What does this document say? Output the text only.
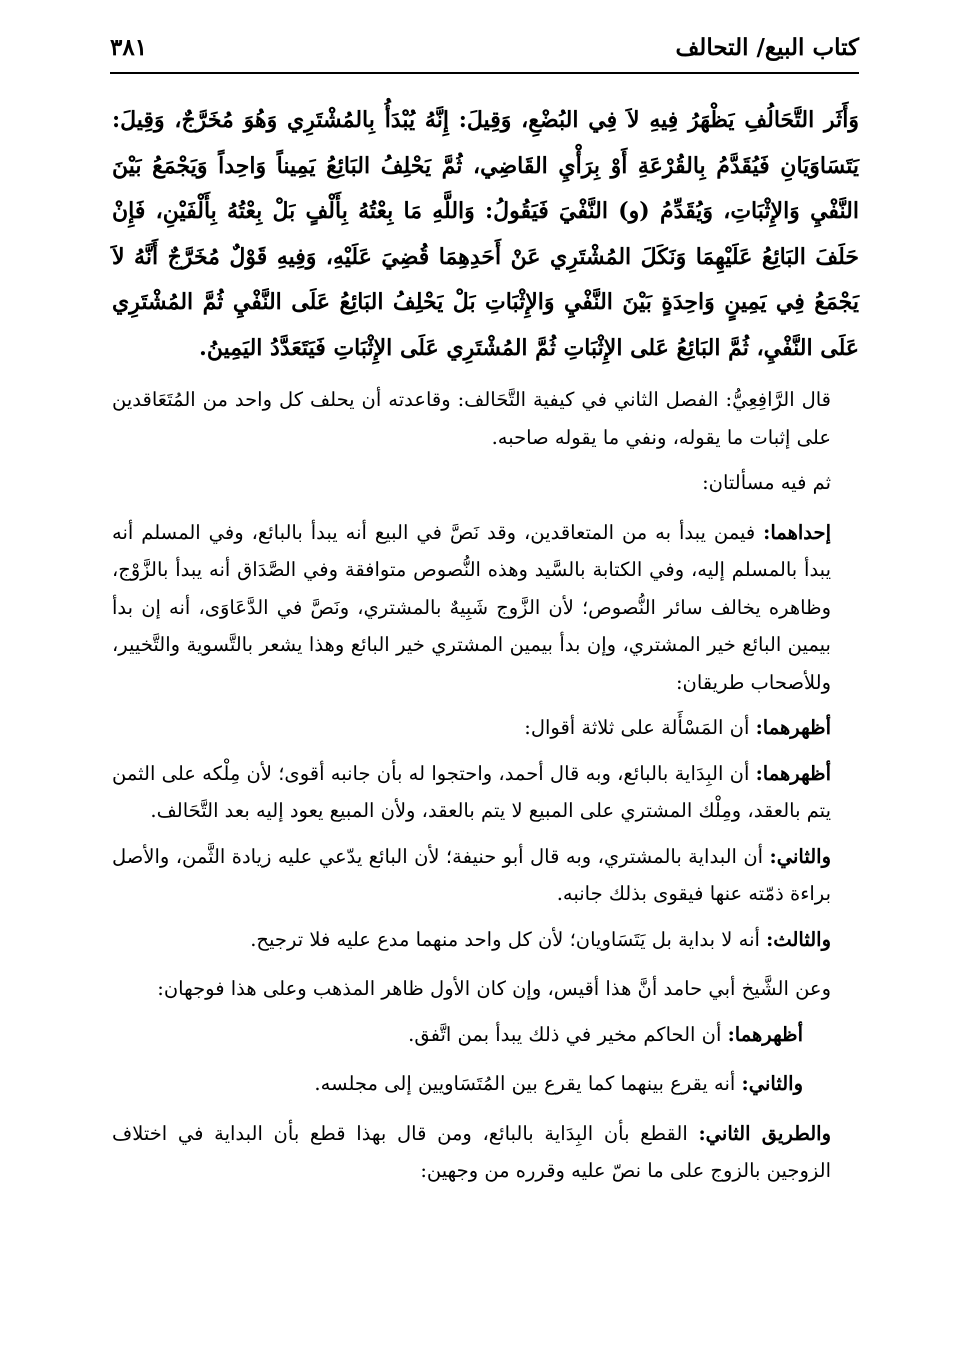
كتاب البيع/ التحالف
٣٨١

وَأَثَر التَّحَالُفِ يَظْهَرُ فِيهِ لاَ فِي البُضْعِ، وَقِيلَ: إِنَّهُ يُبْدَأُ بِالمُشْتَرِي وَهُوَ مُخَرَّجٌ، وَقِيلَ: يَتَسَاوَيَانِ فَيُقَدَّمُ بِالقُرْعَةِ أَوْ بِرَأْيِ القَاضِي، ثُمَّ يَحْلِفُ البَائِعُ يَمِيناً وَاحِداً وَيَجْمَعُ بَيْنَ النَّفْيِ وَالإِثْبَاتِ، وَيُقَدِّمُ (و) النَّفْيَ فَيَقُولُ: وَاللَّهِ مَا بِعْتُهُ بِأَلْفٍ بَلْ بِعْتُهُ بِأَلْفَيْنِ، فَإِنْ حَلَفَ البَائِعُ عَلَيْهِمَا وَنَكَلَ المُشْتَرِي عَنْ أَحَدِهِمَا قُضِيَ عَلَيْهِ، وَفِيهِ قَوْلٌ مُخَرَّجٌ أَنَّهُ لاَ يَجْمَعُ فِي يَمِينٍ وَاحِدَةٍ بَيْنَ النَّفْيِ وَالإِثْبَاتِ بَلْ يَحْلِفُ البَائِعُ عَلَى النَّفْيِ ثُمَّ المُشْتَرِي عَلَى النَّفْيِ، ثُمَّ البَائِعُ عَلى الإِثْبَاتِ ثُمَّ المُشْتَرِي عَلَى الإِثْبَاتِ فَيَتَعَدَّدُ اليَمِينُ.

قال الرَّافِعِيُّ: الفصل الثاني في كيفية التَّحَالف: وقاعدته أن يحلف كل واحد من المُتَعَاقدين على إثبات ما يقوله، ونفي ما يقوله صاحبه.

ثم فيه مسألتان:

إحداهما: فيمن يبدأ به من المتعاقدين، وقد نَصَّ في البيع أنه يبدأ بالبائع، وفي المسلم أنه يبدأ بالمسلم إليه، وفي الكتابة بالسَّيد وهذه النُّصوص متوافقة وفي الصَّدَاق أنه يبدأ بالزَّوْج، وظاهره يخالف سائر النُّصوص؛ لأن الزَّوج شَبِيهٌ بالمشتري، ونَصَّ في الدَّعَاوَى، أنه إن بدأ بيمين البائع خير المشتري، وإن بدأ بيمين المشتري خير البائع وهذا يشعر بالتَّسوية والتَّخيير، وللأصحاب طريقان:

أظهرهما: أن المَسْأَلة على ثلاثة أقوال:

أظهرهما: أن البِدَاية بالبائع، وبه قال أحمد، واحتجوا له بأن جانبه أقوى؛ لأن مِلْكه على الثمن يتم بالعقد، ومِلْك المشتري على المبيع لا يتم بالعقد، ولأن المبيع يعود إليه بعد التَّحَالف.

والثاني: أن البداية بالمشتري، وبه قال أبو حنيفة؛ لأن البائع يدّعي عليه زيادة الثَّمن، والأصل براءة ذمّته عنها فيقوى بذلك جانبه.

والثالث: أنه لا بداية بل يَتَسَاويان؛ لأن كل واحد منهما مدع عليه فلا ترجيح.

وعن الشَّيخ أبي حامد أنَّ هذا أقيس، وإن كان الأول ظاهر المذهب وعلى هذا فوجهان:

أظهرهما: أن الحاكم مخير في ذلك يبدأ بمن اتَّفق.

والثاني: أنه يقرع بينهما كما يقرع بين المُتَسَاويين إلى مجلسه.

والطريق الثاني: القطع بأن البِدَاية بالبائع، ومن قال بهذا قطع بأن البداية في اختلاف الزوجين بالزوج على ما نصّ عليه وقرره من وجهين:
